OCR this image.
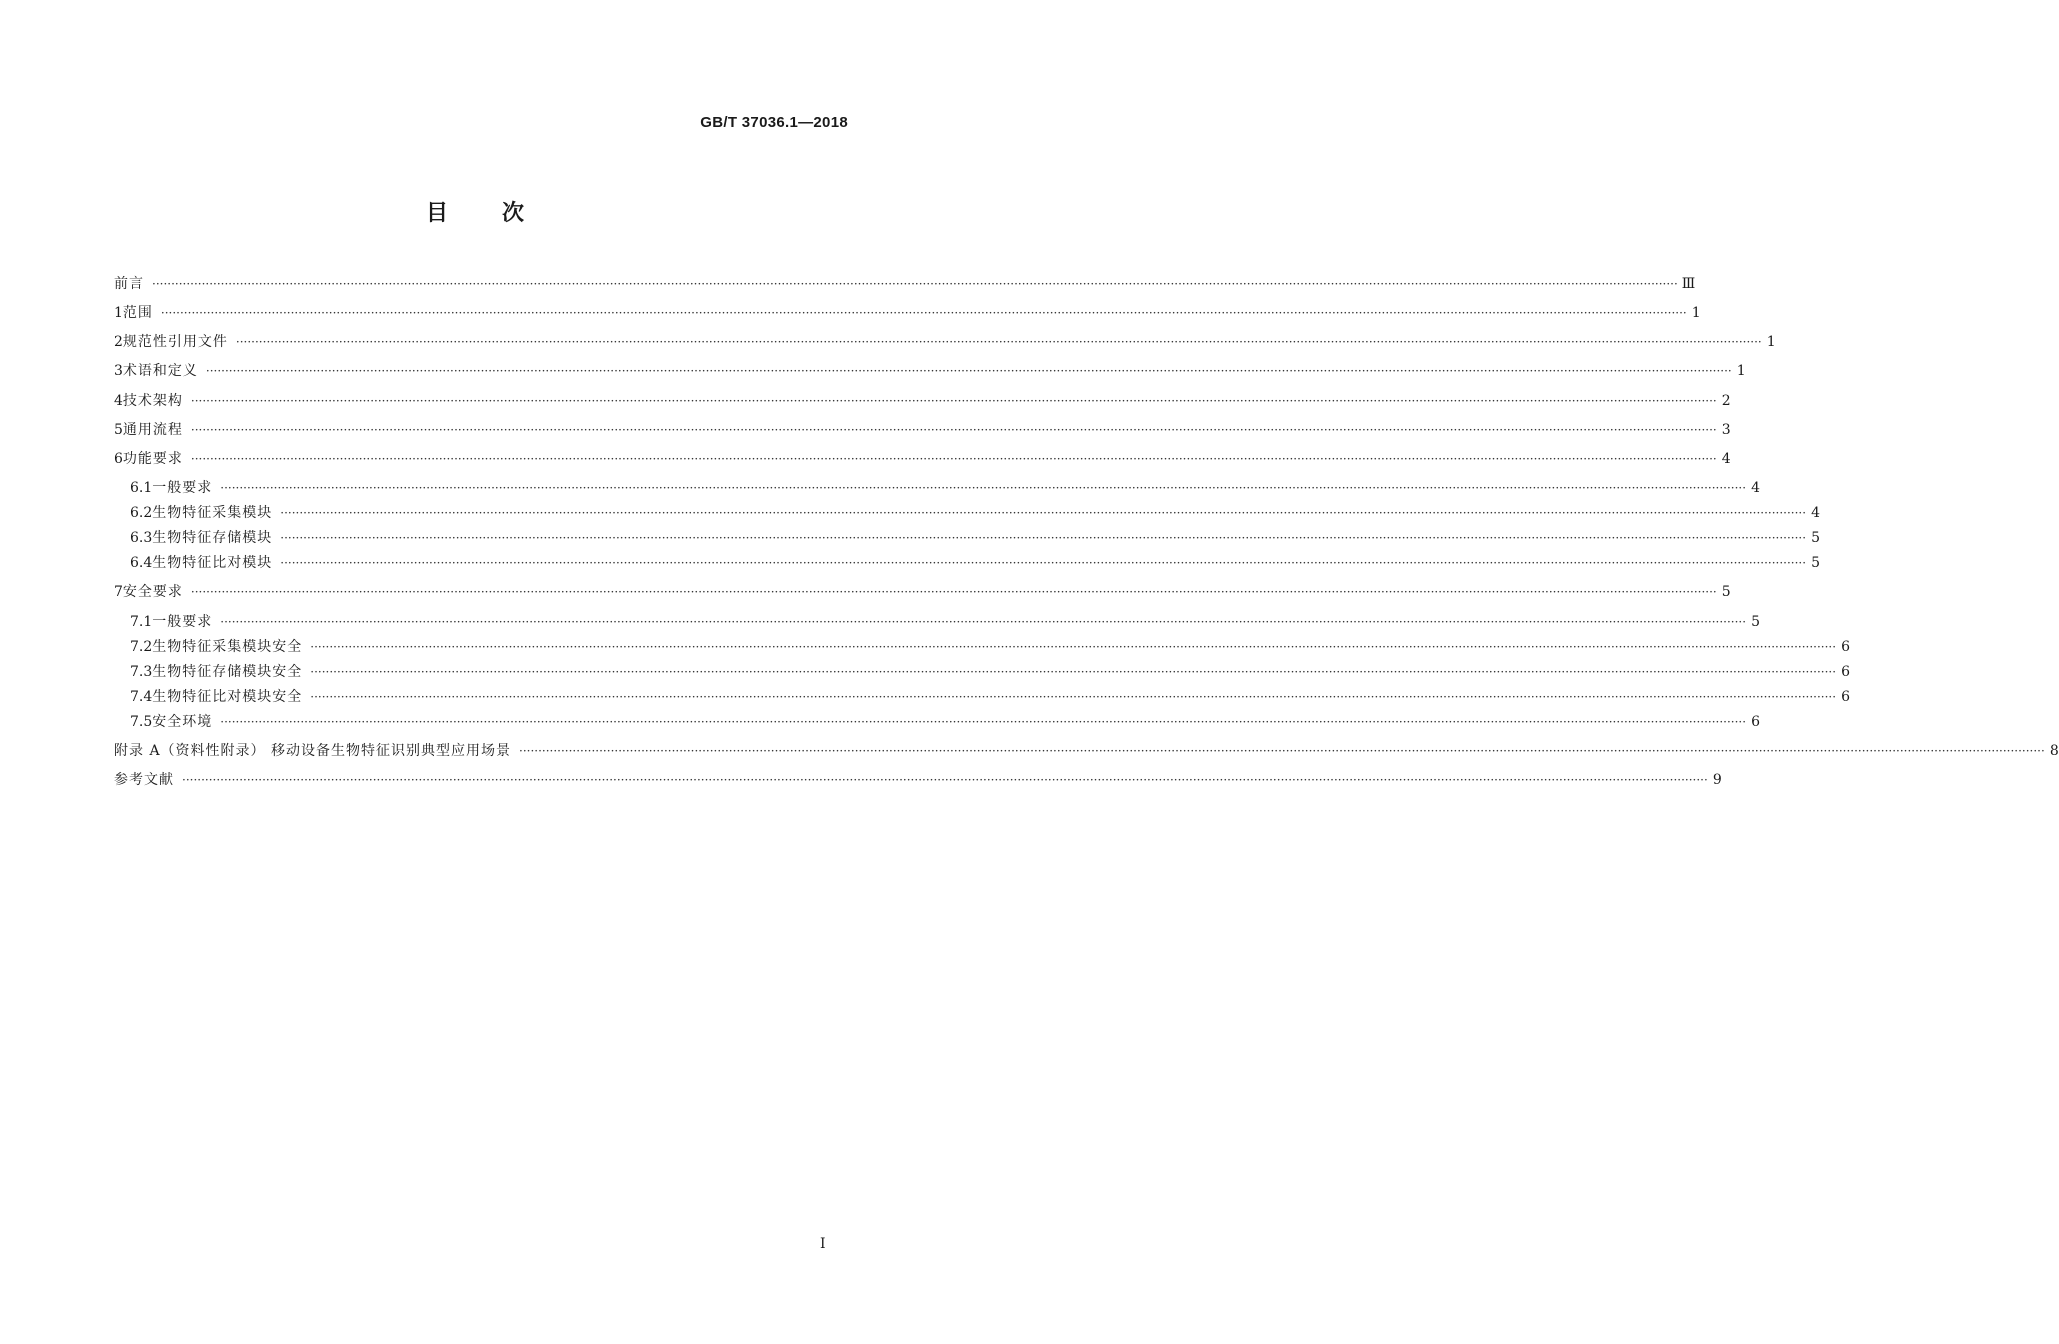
GB/T 37036.1—2018
目次
前言 ················································································································································································································································································································································································································ Ⅲ
1 范围 ················································································································································································································································································································································································································ 1
2 规范性引用文件 ················································································································································································································································································································································································································ 1
3 术语和定义 ················································································································································································································································································································································································································ 1
4 技术架构 ················································································································································································································································································································································································································ 2
5 通用流程 ················································································································································································································································································································································································································ 3
6 功能要求 ················································································································································································································································································································································································································ 4
6.1 一般要求 ················································································································································································································································································································································································································ 4
6.2 生物特征采集模块 ················································································································································································································································································································································································································ 4
6.3 生物特征存储模块 ················································································································································································································································································································································································································ 5
6.4 生物特征比对模块 ················································································································································································································································································································································································································ 5
7 安全要求 ················································································································································································································································································································································································································ 5
7.1 一般要求 ················································································································································································································································································································································································································ 5
7.2 生物特征采集模块安全 ················································································································································································································································································································································································································ 6
7.3 生物特征存储模块安全 ················································································································································································································································································································································································································ 6
7.4 生物特征比对模块安全 ················································································································································································································································································································································································································ 6
7.5 安全环境 ················································································································································································································································································································································································································ 6
附录 A（资料性附录） 移动设备生物特征识别典型应用场景 ················································································································································································································································································································································································································ 8
参考文献 ················································································································································································································································································································································································································ 9
I
